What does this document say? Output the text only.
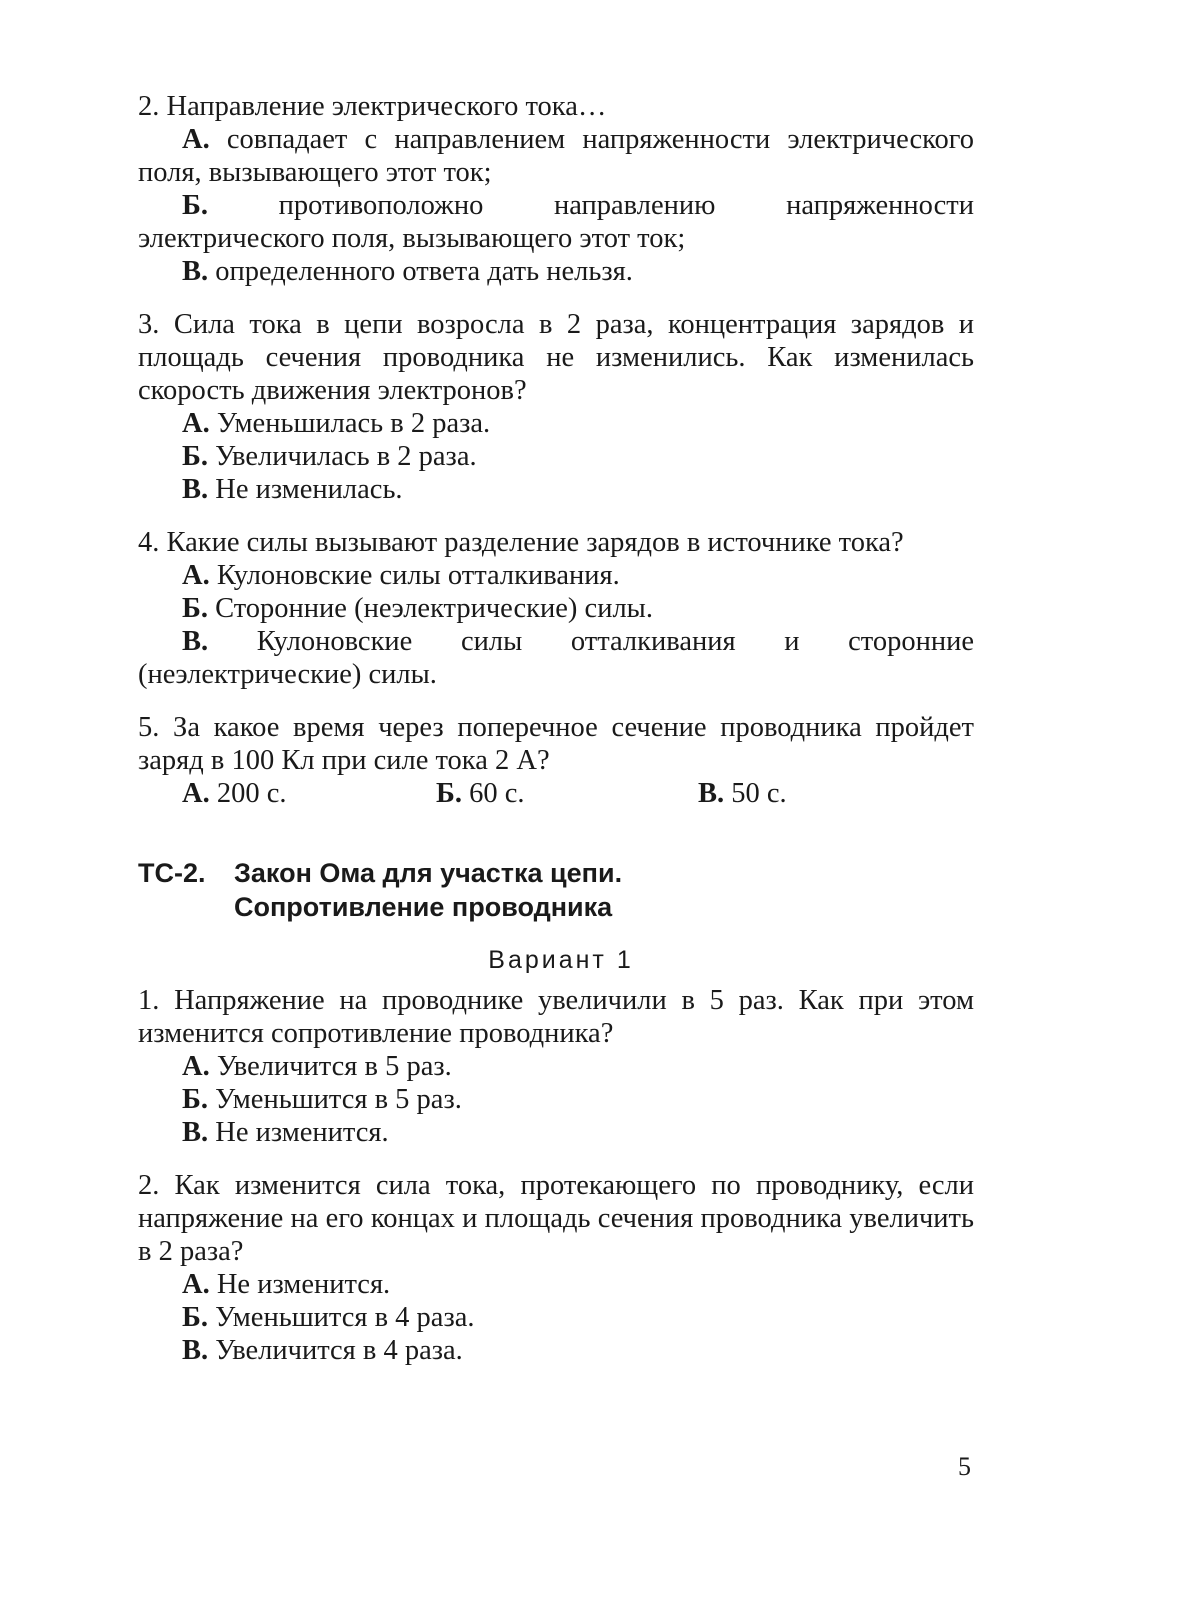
2. Направление электрического тока…

А. совпадает с направлением напряженности электрического поля, вызывающего этот ток;

Б. противоположно направлению напряженности электрического поля, вызывающего этот ток;

В. определенного ответа дать нельзя.

3. Сила тока в цепи возросла в 2 раза, концентрация зарядов и площадь сечения проводника не изменились. Как изменилась скорость движения электронов?

А. Уменьшилась в 2 раза.

Б. Увеличилась в 2 раза.

В. Не изменилась.

4. Какие силы вызывают разделение зарядов в источнике тока?

А. Кулоновские силы отталкивания.

Б. Сторонние (неэлектрические) силы.

В. Кулоновские силы отталкивания и сторонние (неэлектрические) силы.

5. За какое время через поперечное сечение проводника пройдет заряд в 100 Кл при силе тока 2 А?

А. 200 с.	Б. 60 с.	В. 50 с.
ТС-2.	Закон Ома для участка цепи.
Сопротивление проводника
Вариант 1

1. Напряжение на проводнике увеличили в 5 раз. Как при этом изменится сопротивление проводника?

А. Увеличится в 5 раз.

Б. Уменьшится в 5 раз.

В. Не изменится.

2. Как изменится сила тока, протекающего по проводнику, если напряжение на его концах и площадь сечения проводника увеличить в 2 раза?

А. Не изменится.

Б. Уменьшится в 4 раза.

В. Увеличится в 4 раза.

5
